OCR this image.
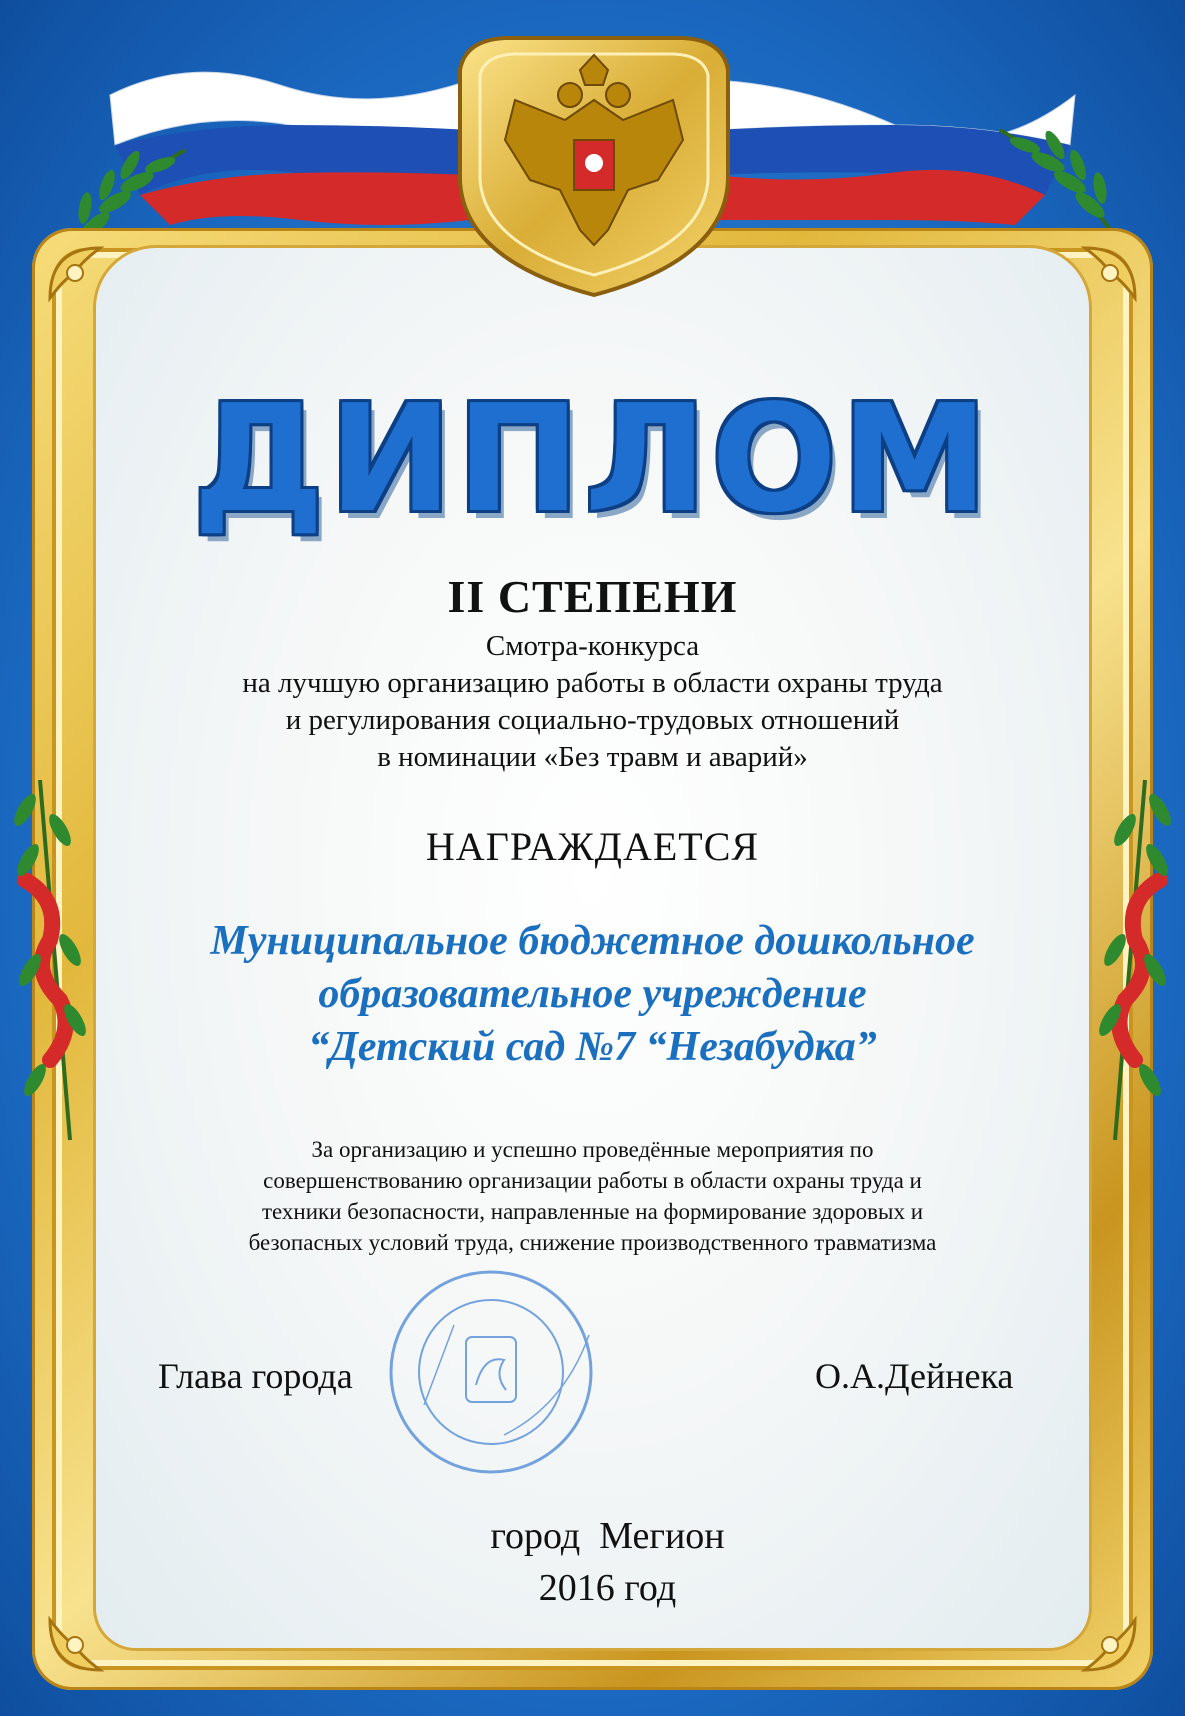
ДИПЛОМ
II СТЕПЕНИ
Смотра-конкурса
на лучшую организацию работы в области охраны труда
и регулирования социально-трудовых отношений
в номинации «Без травм и аварий»
НАГРАЖДАЕТСЯ
Муниципальное бюджетное дошкольное
образовательное учреждение
“Детский сад №7 “Незабудка”
За организацию и успешно проведённые мероприятия по
совершенствованию организации работы в области охраны труда и
техники безопасности, направленные на формирование здоровых и
безопасных условий труда, снижение производственного травматизма
Глава города	О.А.Дейнека
город  Мегион
2016 год
